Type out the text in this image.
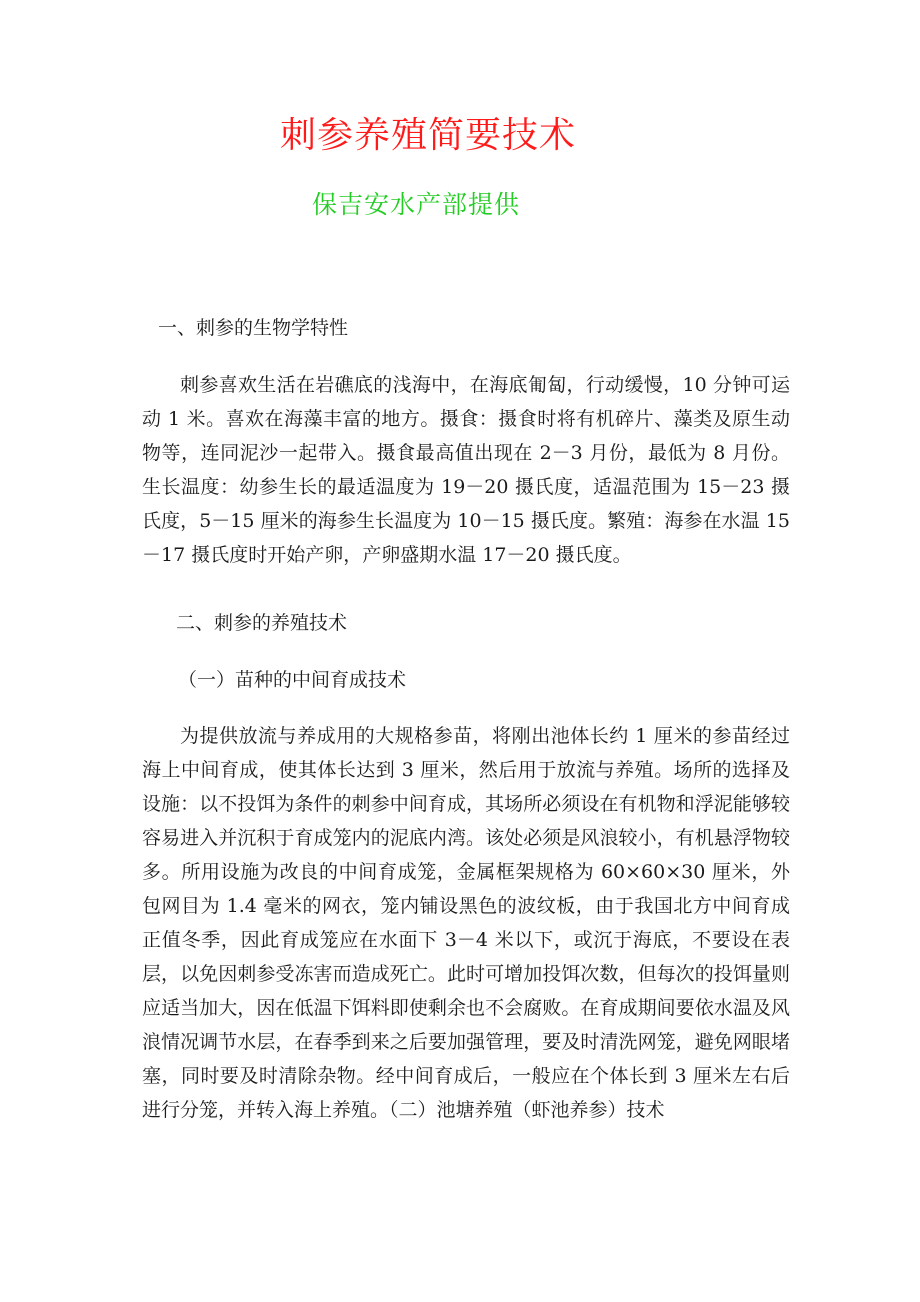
刺参养殖简要技术
保吉安水产部提供
一、刺参的生物学特性

刺参喜欢生活在岩礁底的浅海中，在海底匍匐，行动缓慢，10 分钟可运动 1 米。喜欢在海藻丰富的地方。摄食：摄食时将有机碎片、藻类及原生动物等，连同泥沙一起带入。摄食最高值出现在 2－3 月份，最低为 8 月份。生长温度：幼参生长的最适温度为 19－20 摄氏度，适温范围为 15－23 摄氏度，5－15 厘米的海参生长温度为 10－15 摄氏度。繁殖：海参在水温 15－17 摄氏度时开始产卵，产卵盛期水温 17－20 摄氏度。

二、刺参的养殖技术
（一）苗种的中间育成技术

为提供放流与养成用的大规格参苗，将刚出池体长约 1 厘米的参苗经过海上中间育成，使其体长达到 3 厘米，然后用于放流与养殖。场所的选择及设施：以不投饵为条件的刺参中间育成，其场所必须设在有机物和浮泥能够较容易进入并沉积于育成笼内的泥底内湾。该处必须是风浪较小，有机悬浮物较多。所用设施为改良的中间育成笼，金属框架规格为 60×60×30 厘米，外包网目为 1.4 毫米的网衣，笼内铺设黑色的波纹板，由于我国北方中间育成正值冬季，因此育成笼应在水面下 3－4 米以下，或沉于海底，不要设在表层，以免因刺参受冻害而造成死亡。此时可增加投饵次数，但每次的投饵量则应适当加大，因在低温下饵料即使剩余也不会腐败。在育成期间要依水温及风浪情况调节水层，在春季到来之后要加强管理，要及时清洗网笼，避免网眼堵塞，同时要及时清除杂物。经中间育成后，一般应在个体长到 3 厘米左右后进行分笼，并转入海上养殖。（二）池塘养殖（虾池养参）技术
